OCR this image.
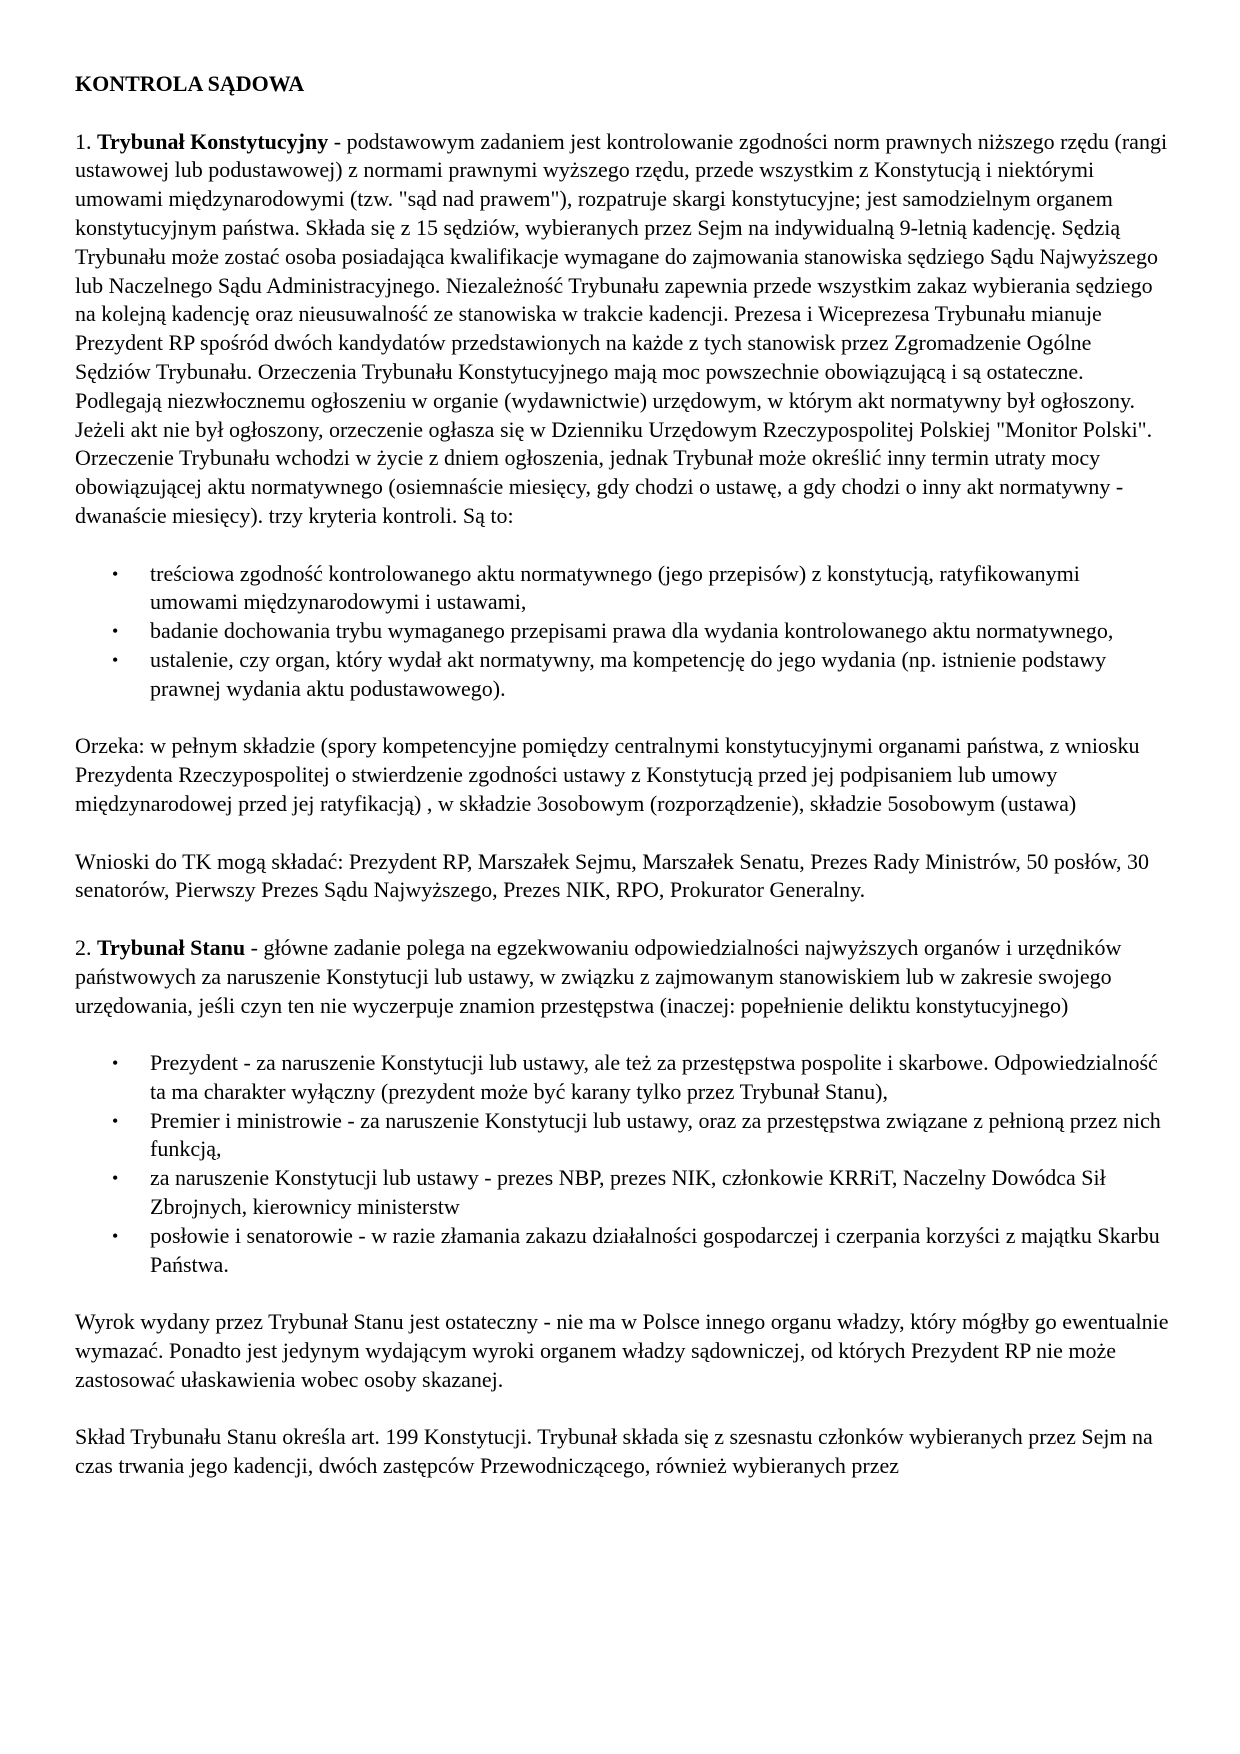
KONTROLA SĄDOWA

1. Trybunał Konstytucyjny - podstawowym zadaniem jest kontrolowanie zgodności norm prawnych niższego rzędu (rangi ustawowej lub podustawowej) z normami prawnymi wyższego rzędu, przede wszystkim z Konstytucją i niektórymi umowami międzynarodowymi (tzw. "sąd nad prawem"), rozpatruje skargi konstytucyjne; jest samodzielnym organem konstytucyjnym państwa. Składa się z 15 sędziów, wybieranych przez Sejm na indywidualną 9-letnią kadencję. Sędzią Trybunału może zostać osoba posiadająca kwalifikacje wymagane do zajmowania stanowiska sędziego Sądu Najwyższego lub Naczelnego Sądu Administracyjnego. Niezależność Trybunału zapewnia przede wszystkim zakaz wybierania sędziego na kolejną kadencję oraz nieusuwalność ze stanowiska w trakcie kadencji. Prezesa i Wiceprezesa Trybunału mianuje Prezydent RP spośród dwóch kandydatów przedstawionych na każde z tych stanowisk przez Zgromadzenie Ogólne Sędziów Trybunału. Orzeczenia Trybunału Konstytucyjnego mają moc powszechnie obowiązującą i są ostateczne. Podlegają niezwłocznemu ogłoszeniu w organie (wydawnictwie) urzędowym, w którym akt normatywny był ogłoszony. Jeżeli akt nie był ogłoszony, orzeczenie ogłasza się w Dzienniku Urzędowym Rzeczypospolitej Polskiej "Monitor Polski". Orzeczenie Trybunału wchodzi w życie z dniem ogłoszenia, jednak Trybunał może określić inny termin utraty mocy obowiązującej aktu normatywnego (osiemnaście miesięcy, gdy chodzi o ustawę, a gdy chodzi o inny akt normatywny - dwanaście miesięcy). trzy kryteria kontroli. Są to:

• treściowa zgodność kontrolowanego aktu normatywnego (jego przepisów) z konstytucją, ratyfikowanymi umowami międzynarodowymi i ustawami,
• badanie dochowania trybu wymaganego przepisami prawa dla wydania kontrolowanego aktu normatywnego,
• ustalenie, czy organ, który wydał akt normatywny, ma kompetencję do jego wydania (np. istnienie podstawy prawnej wydania aktu podustawowego).

Orzeka: w pełnym składzie (spory kompetencyjne pomiędzy centralnymi konstytucyjnymi organami państwa, z wniosku Prezydenta Rzeczypospolitej o stwierdzenie zgodności ustawy z Konstytucją przed jej podpisaniem lub umowy międzynarodowej przed jej ratyfikacją) , w składzie 3osobowym (rozporządzenie), składzie 5osobowym (ustawa)

Wnioski do TK mogą składać: Prezydent RP, Marszałek Sejmu, Marszałek Senatu, Prezes Rady Ministrów, 50 posłów, 30 senatorów, Pierwszy Prezes Sądu Najwyższego, Prezes NIK, RPO, Prokurator Generalny.

2. Trybunał Stanu - główne zadanie polega na egzekwowaniu odpowiedzialności najwyższych organów i urzędników państwowych za naruszenie Konstytucji lub ustawy, w związku z zajmowanym stanowiskiem lub w zakresie swojego urzędowania, jeśli czyn ten nie wyczerpuje znamion przestępstwa (inaczej: popełnienie deliktu konstytucyjnego)

• Prezydent - za naruszenie Konstytucji lub ustawy, ale też za przestępstwa pospolite i skarbowe. Odpowiedzialność ta ma charakter wyłączny (prezydent może być karany tylko przez Trybunał Stanu),
• Premier i ministrowie - za naruszenie Konstytucji lub ustawy, oraz za przestępstwa związane z pełnioną przez nich funkcją,
• za naruszenie Konstytucji lub ustawy - prezes NBP, prezes NIK, członkowie KRRiT, Naczelny Dowódca Sił Zbrojnych, kierownicy ministerstw
• posłowie i senatorowie - w razie złamania zakazu działalności gospodarczej i czerpania korzyści z majątku Skarbu Państwa.

Wyrok wydany przez Trybunał Stanu jest ostateczny - nie ma w Polsce innego organu władzy, który mógłby go ewentualnie wymazać. Ponadto jest jedynym wydającym wyroki organem władzy sądowniczej, od których Prezydent RP nie może zastosować ułaskawienia wobec osoby skazanej.

Skład Trybunału Stanu określa art. 199 Konstytucji. Trybunał składa się z szesnastu członków wybieranych przez Sejm na czas trwania jego kadencji, dwóch zastępców Przewodniczącego, również wybieranych przez
